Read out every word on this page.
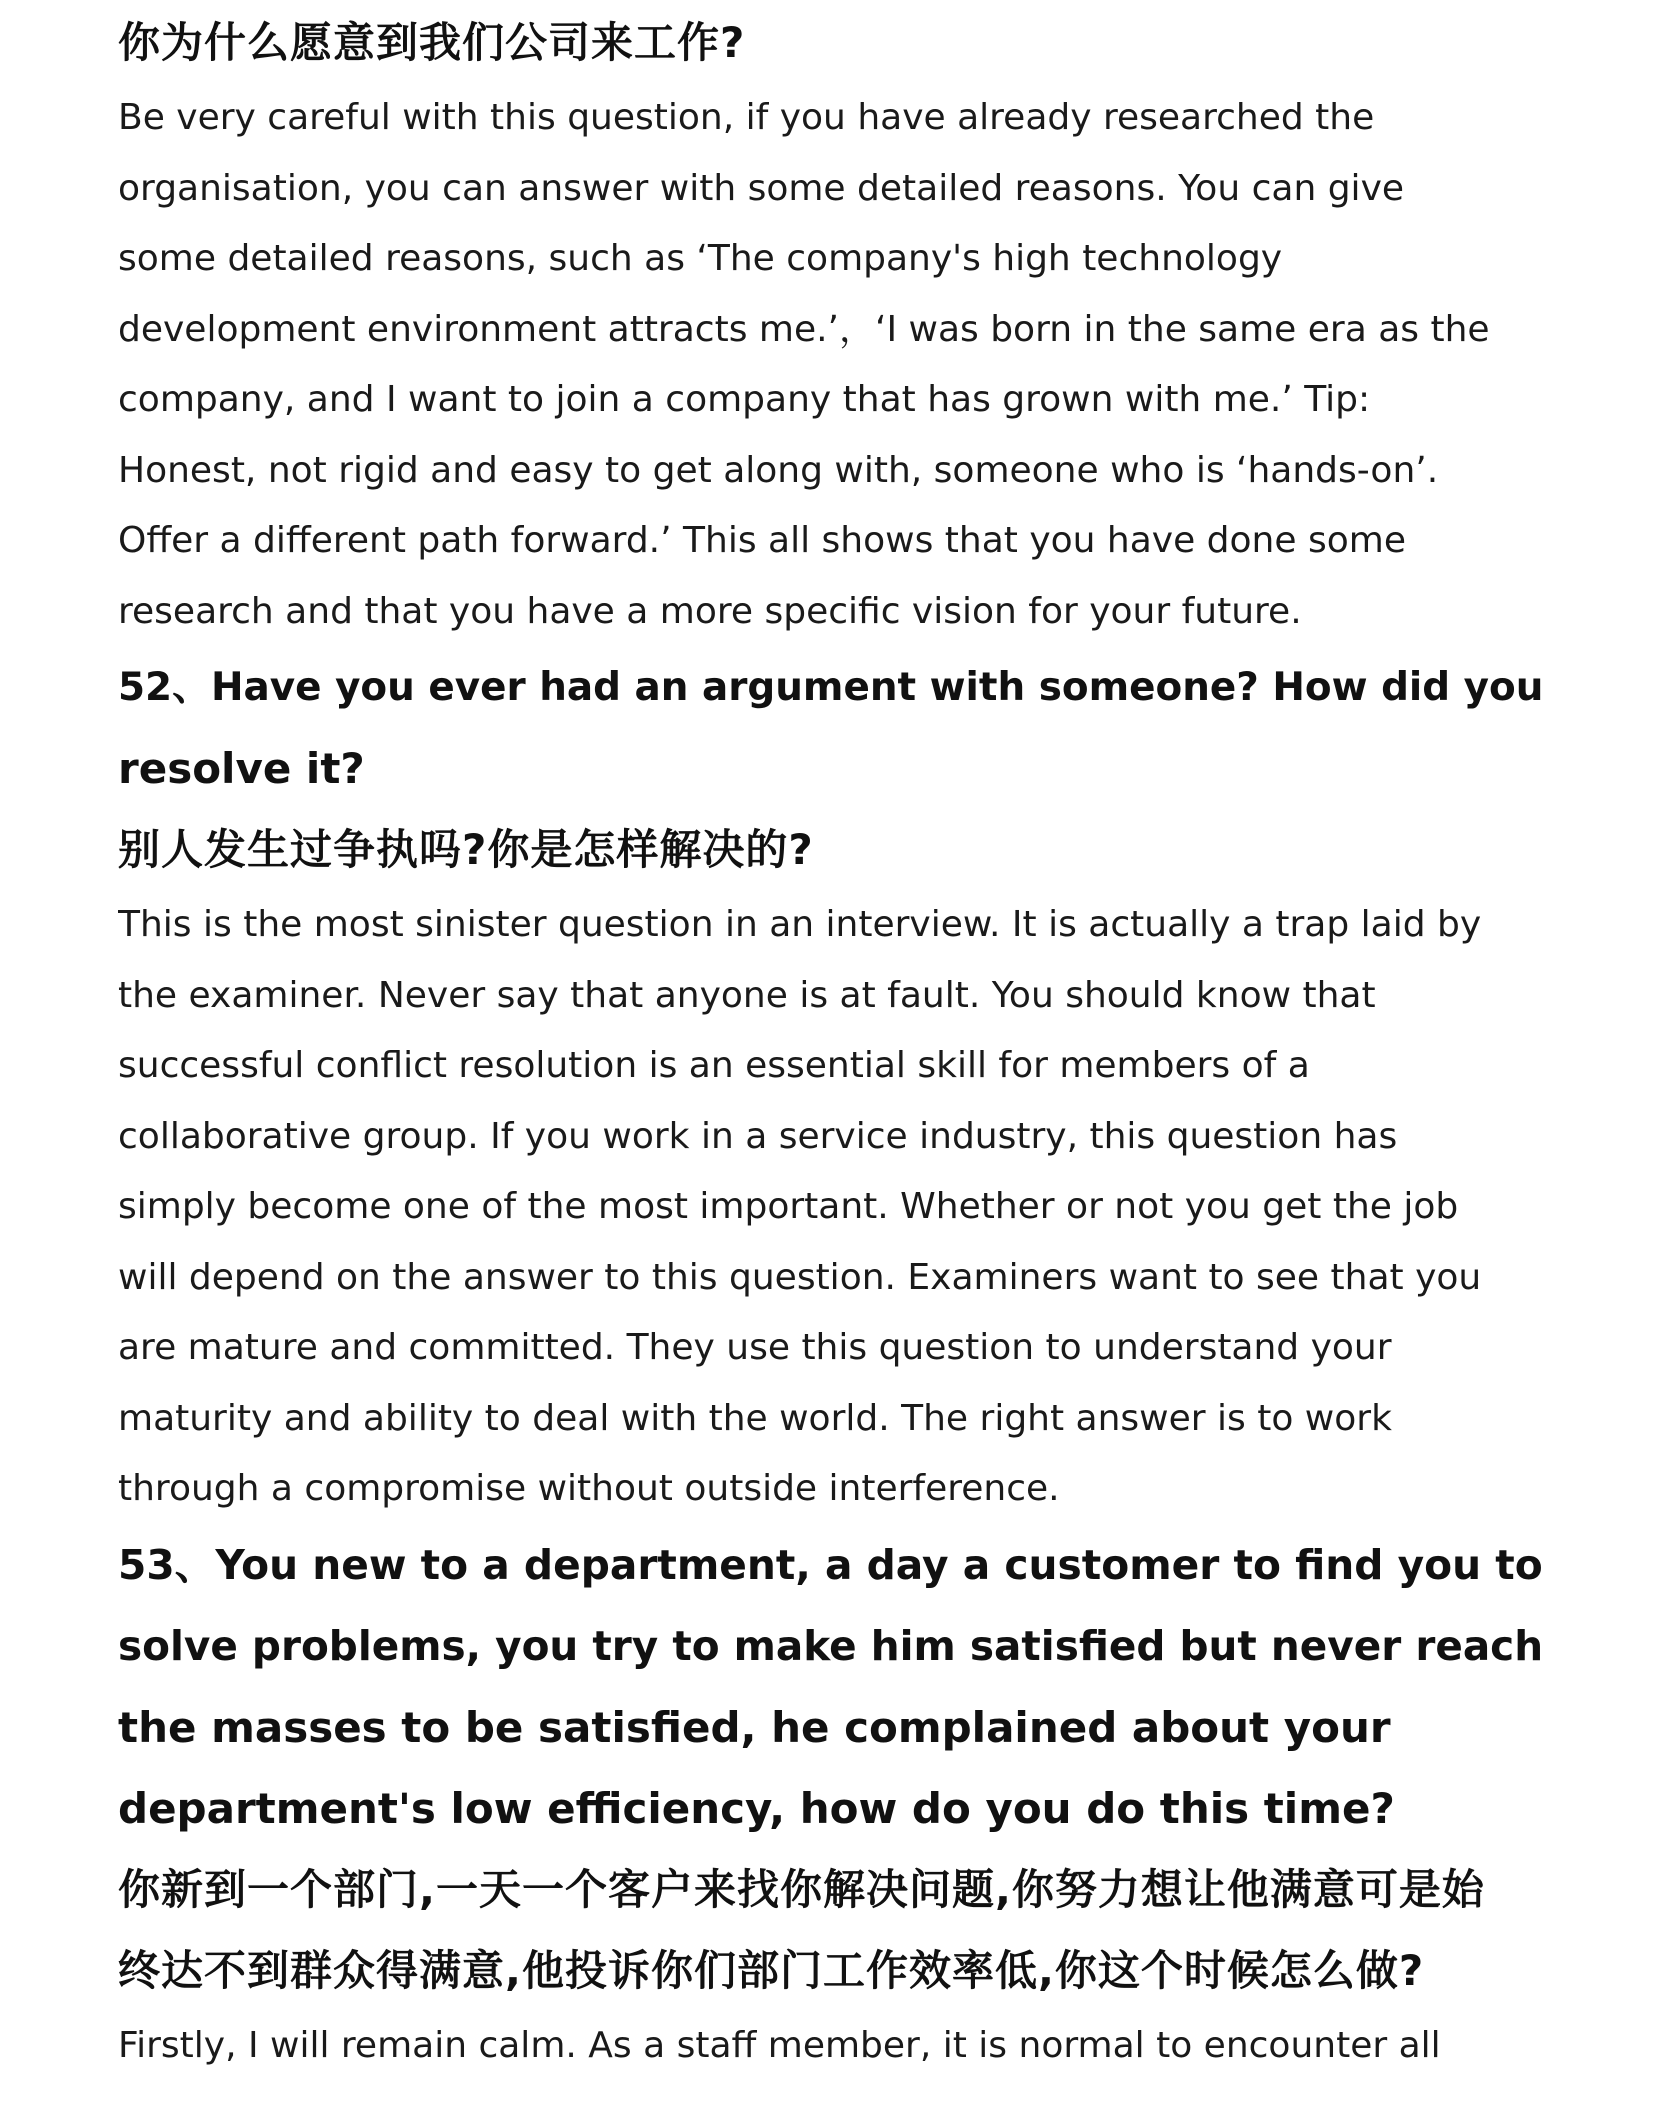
你为什么愿意到我们公司来工作?

Be very careful with this question, if you have already researched the
organisation, you can answer with some detailed reasons. You can give
some detailed reasons, such as ‘The company's high technology
development environment attracts me.’，‘I was born in the same era as the
company, and I want to join a company that has grown with me.’ Tip:
Honest, not rigid and easy to get along with, someone who is ‘hands-on’.
Offer a different path forward.’ This all shows that you have done some
research and that you have a more specific vision for your future.

52、Have you ever had an argument with someone? How did you
resolve it?
别人发生过争执吗?你是怎样解决的?

This is the most sinister question in an interview. It is actually a trap laid by
the examiner. Never say that anyone is at fault. You should know that
successful conflict resolution is an essential skill for members of a
collaborative group. If you work in a service industry, this question has
simply become one of the most important. Whether or not you get the job
will depend on the answer to this question. Examiners want to see that you
are mature and committed. They use this question to understand your
maturity and ability to deal with the world. The right answer is to work
through a compromise without outside interference.

53、You new to a department, a day a customer to find you to
solve problems, you try to make him satisfied but never reach
the masses to be satisfied, he complained about your
department's low efficiency, how do you do this time?
你新到一个部门,一天一个客户来找你解决问题,你努力想让他满意可是始
终达不到群众得满意,他投诉你们部门工作效率低,你这个时候怎么做?

Firstly, I will remain calm. As a staff member, it is normal to encounter all
